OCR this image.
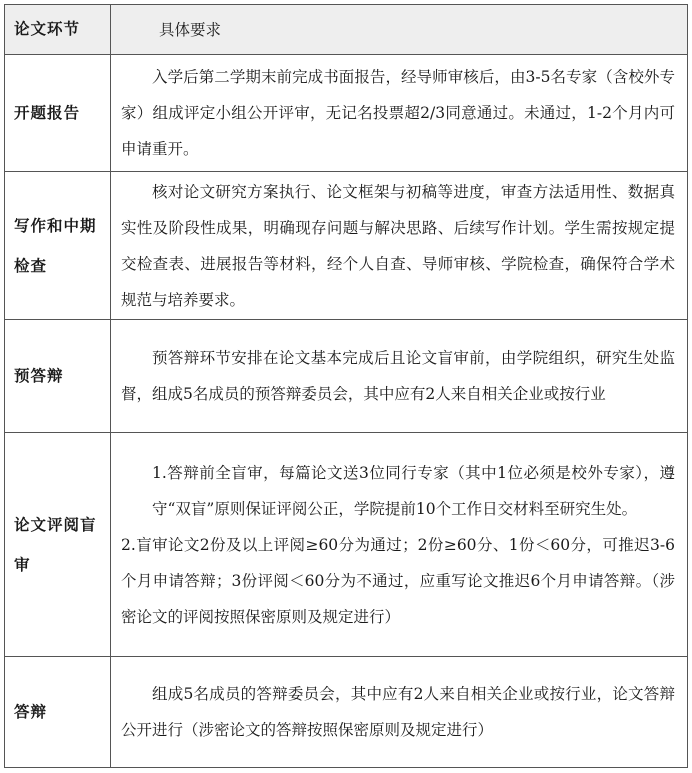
论文环节	具体要求
开题报告	入学后第二学期末前完成书面报告，经导师审核后，由3-5名专家（含校外专家）组成评定小组公开评审，无记名投票超2/3同意通过。未通过，1-2个月内可申请重开。

写作和中期检查	核对论文研究方案执行、论文框架与初稿等进度，审查方法适用性、数据真实性及阶段性成果，明确现存问题与解决思路、后续写作计划。学生需按规定提交检查表、进展报告等材料，经个人自查、导师审核、学院检查，确保符合学术规范与培养要求。

预答辩	预答辩环节安排在论文基本完成后且论文盲审前，由学院组织，研究生处监督，组成5名成员的预答辩委员会，其中应有2人来自相关企业或按行业

论文评阅盲审	1.答辩前全盲审，每篇论文送3位同行专家（其中1位必须是校外专家），遵守“双盲”原则保证评阅公正，学院提前10个工作日交材料至研究生处。
2.盲审论文2份及以上评阅≥60分为通过；2份≥60分、1份＜60分，可推迟3-6个月申请答辩；3份评阅＜60分为不通过，应重写论文推迟6个月申请答辩。（涉密论文的评阅按照保密原则及规定进行）

答辩	组成5名成员的答辩委员会，其中应有2人来自相关企业或按行业，论文答辩公开进行（涉密论文的答辩按照保密原则及规定进行）
